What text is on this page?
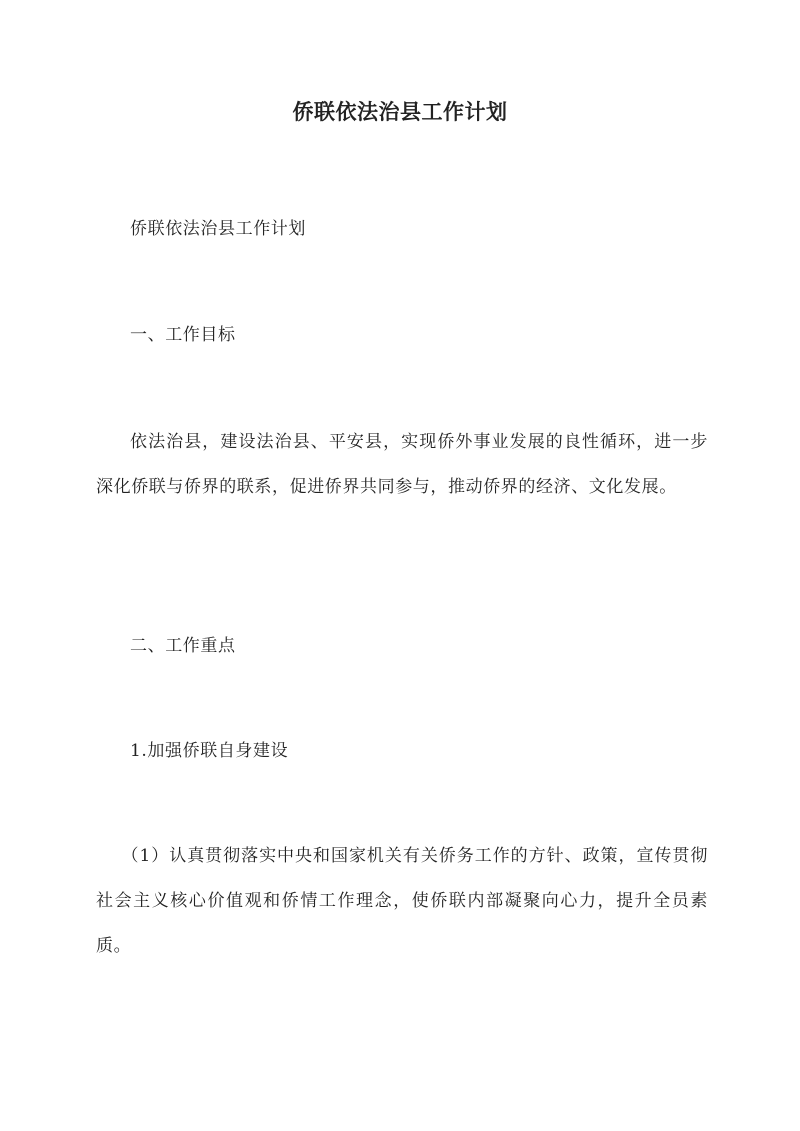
侨联依法治县工作计划
侨联依法治县工作计划
一、工作目标
依法治县，建设法治县、平安县，实现侨外事业发展的良性循环，进一步深化侨联与侨界的联系，促进侨界共同参与，推动侨界的经济、文化发展。
二、工作重点
1.加强侨联自身建设
（1）认真贯彻落实中央和国家机关有关侨务工作的方针、政策，宣传贯彻社会主义核心价值观和侨情工作理念，使侨联内部凝聚向心力，提升全员素质。
